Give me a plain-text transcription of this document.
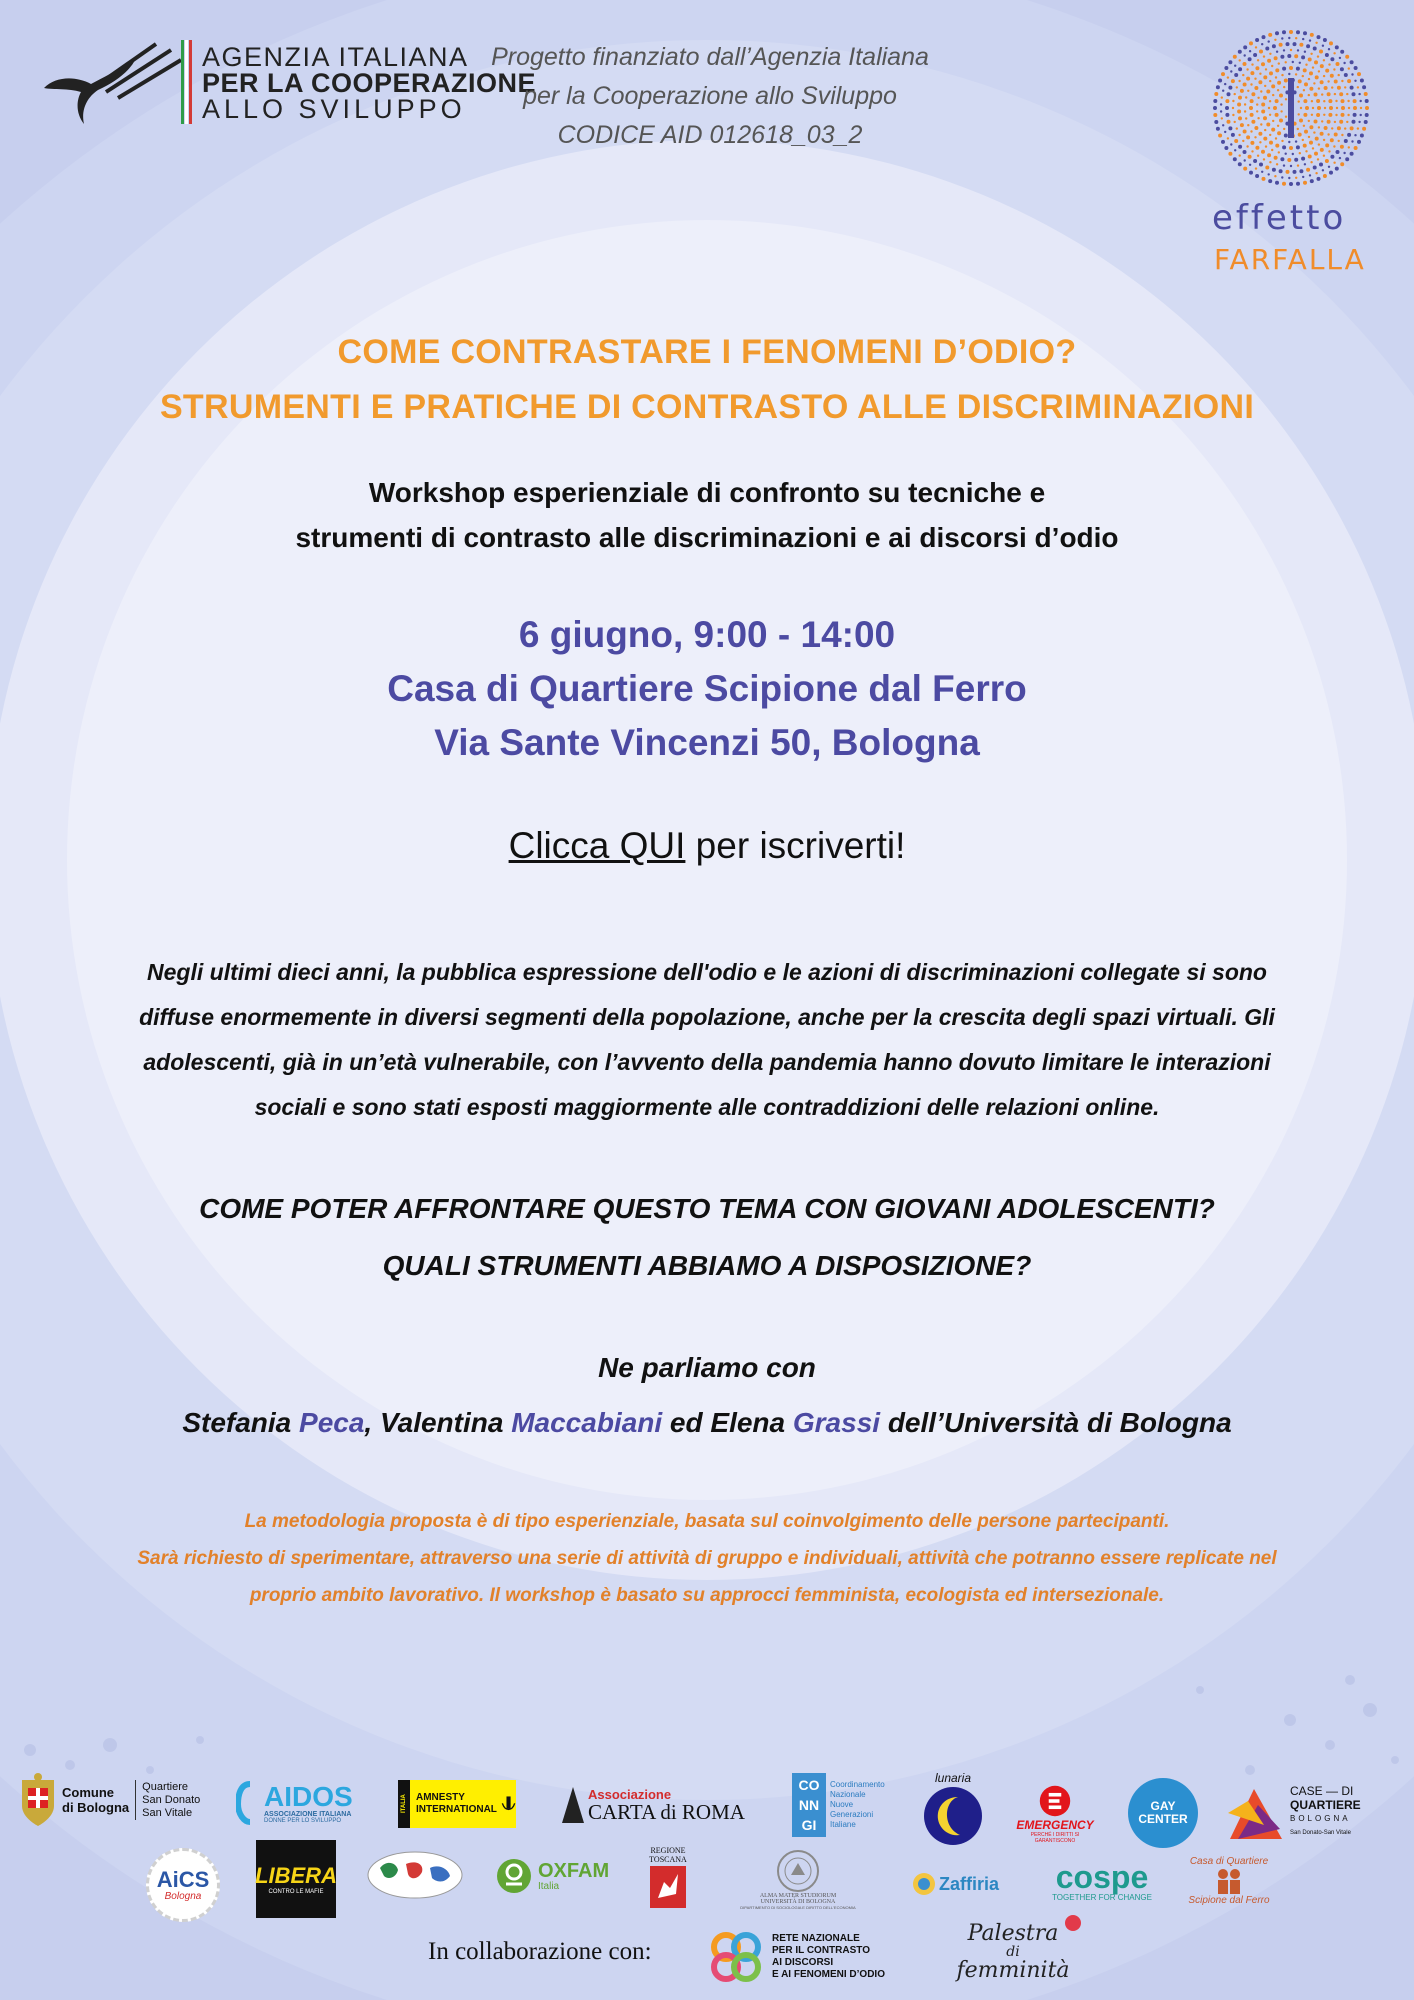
AGENZIA ITALIANA
PER LA COOPERAZIONE
ALLO SVILUPPO
Progetto finanziato dall’Agenzia Italiana
per la Cooperazione allo Sviluppo
CODICE AID 012618_03_2
effetto
FARFALLA
COME CONTRASTARE I FENOMENI D’ODIO?
STRUMENTI E PRATICHE DI CONTRASTO ALLE DISCRIMINAZIONI
Workshop esperienziale di confronto su tecniche e
strumenti di contrasto alle discriminazioni e ai discorsi d’odio
6 giugno, 9:00 - 14:00
Casa di Quartiere Scipione dal Ferro
Via Sante Vincenzi 50, Bologna
Clicca QUI per iscriverti!
Negli ultimi dieci anni, la pubblica espressione dell'odio e le azioni di discriminazioni collegate si sono
diffuse enormemente in diversi segmenti della popolazione, anche per la crescita degli spazi virtuali. Gli
adolescenti, già in un’età vulnerabile, con l’avvento della pandemia hanno dovuto limitare le interazioni
sociali e sono stati esposti maggiormente alle contraddizioni delle relazioni online.
COME POTER AFFRONTARE QUESTO TEMA CON GIOVANI ADOLESCENTI?
QUALI STRUMENTI ABBIAMO A DISPOSIZIONE?
Ne parliamo con
Stefania Peca, Valentina Maccabiani ed Elena Grassi dell’Università di Bologna
La metodologia proposta è di tipo esperienziale, basata sul coinvolgimento delle persone partecipanti.
Sarà richiesto di sperimentare, attraverso una serie di attività di gruppo e individuali, attività che potranno essere replicate nel
proprio ambito lavorativo. Il workshop è basato su approcci femminista, ecologista ed intersezionale.
Comune
di Bologna
Quartiere
San Donato
San Vitale
AIDOS
ASSOCIAZIONE ITALIANA
DONNE PER LO SVILUPPO
ITALIA AMNESTY
INTERNATIONAL
Associazione
CARTA di ROMA
CO NN GI
Coordinamento
Nazionale
Nuove
Generazioni
Italiane
lunaria
EMERGENCY
PERCHÉ I DIRITTI SI GARANTISCONO
GAY
CENTER
CASE — DI
QUARTIERE
BOLOGNA
San Donato-San Vitale
AiCS
Bologna
LIBERA
CONTRO LE MAFIE
OXFAM
Italia
REGIONE
TOSCANA
ALMA MATER STUDIORUM
UNIVERSITÀ DI BOLOGNA
DIPARTIMENTO DI SOCIOLOGIA E DIRITTO DELL'ECONOMIA
Zaffiria cospe
TOGETHER FOR CHANGE
Casa di Quartiere
Scipione dal Ferro
In collaborazione con:	RETE NAZIONALE
PER IL CONTRASTO
AI DISCORSI
E AI FENOMENI D’ODIO
Palestra
di
femminità
